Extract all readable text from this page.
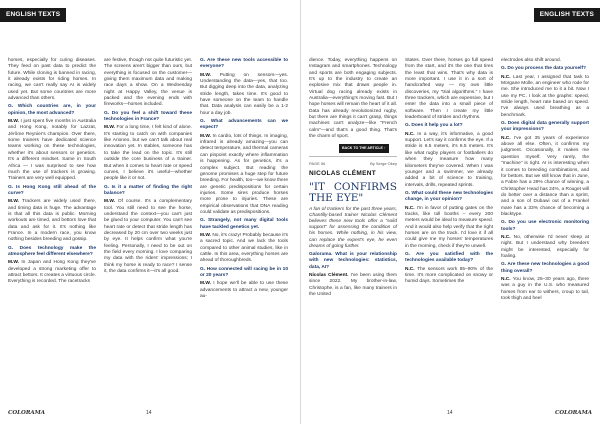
ENGLISH TEXTS

horses, especially for curing diseases. They feed on past data to predict the future. While cloning is banned in racing, it already exists for riding horses. In racing, we can't really say AI is widely used yet. But some countries are more advanced than others.

G. Which countries are, in your opinion, the most advanced?

M.W. I just spent five months in Australia and Hong Kong, notably for Lazzat, Jérôme Reynier's champion. Over there, some trainers have dedicated science teams working on these technologies, whether it's about sensors or genetics. It's a different mindset. Same in South Africa — I was surprised to see how much the use of trackers is growing. Trainers are very well equipped.

G. Is Hong Kong still ahead of the curve?

M.W. Trackers are widely used there, and timing data is huge. The advantage is that all this data is public. Morning workouts are timed, and bettors love that data and ask for it. It's nothing like France. In a modern race, you know nothing besides breeding and gossip.

G. Does technology make the atmosphere feel different elsewhere?

M.W. In Japan and Hong Kong they've developed a strong marketing offer to attract bettors. It creates a virtuous circle. Everything is recorded. The racetracks

are festive, though not quite futuristic yet. The screens aren't bigger than ours, but everything is focused on the customer—giving them maximum data and making race days a show. On a Wednesday night at Happy Valley, the venue is packed and the evening ends with fireworks—horses included.

G. Do you feel a shift toward these technologies in France?

M.W. For a long time, I felt kind of alone. It's starting to catch on with companies like Arioneo, but we can't talk about real innovation yet. In stables, someone has to take the lead on the topic. It's still outside the core business of a trainer. But when it comes to heart rate or speed curves, I believe it's useful—whether people like it or not.

G. Is it a matter of finding the right balance?

M.W. Of course. It's a complementary tool. You still need to see the horse, understand the context—you can't just be glued to your computer. You can't see heart rate or detect that stride length has decreased by 20 cm over two weeks just by eye. It helps confirm what you're feeling. Personally, I need to be out on the field every morning. I love comparing my data with the riders' impressions; I think my horse is ready to race? I sense it, the data confirms it—it's all good.

G. Are these new tools accessible to everyone?

M.W. Putting on sensors—yes. Understanding the data—yes, that too. But digging deep into the data, analyzing stride length, takes time. It's good to have someone on the team to handle that. Data analysis can easily be a 1-2 hour a day job.

G. What advancements can we expect?

M.W. In cardio, lots of things. In imaging, infrared is already amazing—you can detect temperature, and thermal cameras can pinpoint exactly where inflammation is happening. As for genetics, it's a complex subject. But reading the genome promises a huge step for future breeding. For health, too—we know there are genetic predispositions for certain injuries. Some sires produce horses more prone to injuries. These are empirical observations that DNA reading could validate as predispositions.

G. Strangely, not many digital tools have tackled genetics yet.

M.W. No, it's crazy! Probably because it's a sacred topic. And we lack the tools compared to other animal studies, like in cattle. In this area, everything horses are ahead of thoroughbreds.

G. How connected will racing be in 10 or 20 years?

M.W. I hope we'll be able to use these advancements to attract a new, younger au-

COLORAMA	14
ENGLISH TEXTS

dience. Today, everything happens on Instagram and smartphones. Technology and sports are both engaging subjects. It's up to the industry to create an explosive mix that draws people in. Virtual dog racing already exists in Australia—everything's moving fast. But I hope horses will remain the heart of it all. Data has already revolutionized rugby, but there are things it can't grasp, things machines can't analyze—like "French calm"—and that's a good thing. That's the charm of sport.

BACK TO THE ARTICLE ↑
PAGE 56	By Serge Okey
NICOLAS CLÉMENT
"IT CONFIRMS THE EYE"

A fan of trackers for the past three years, Chantilly-based trainer Nicolas Clément believes these new tools offer a "solid support" for assessing the condition of his horses. While nothing, in his view, can replace the expert's eye, he even dreams of going further.

Galorama. What is your relationship with new technologies: statistics, data, AI?

Nicolas Clément. I've been using them since 2022. My brother-in-law, Christophe, is a fan, like many trainers in the United

States. Over there, horses go full speed from the start, and it's the one that tires the least that wins. That's why data is more important. I use it in a sort of handcrafted way — my own little discoveries, my "trial algorithms." I have three trackers, which are expensive, but I enter the data into a small piece of software. Then I create my little leaderboard of strides and rhythms.

G. Does it help you a lot?

N.C. In a way, it's informative, a good support. Let's say it confirms the eye. If a stride is 6.5 meters, it's 6.5 meters. It's like what rugby players or footballers do when they measure how many kilometers they've covered. When I was younger and a swimmer, we already added a bit of science to training, intervals, drills, repeated sprints.

G. What could these new technologies change, in your opinion?

N.C. I'm in favor of putting gates on the tracks, like toll booths – every 200 meters would be ideal to measure speed. And it would also help verify that the right horses are on the track. I'd love it if all could give me my horses' temperatures in the morning, check if they're unwell.

G. Are you satisfied with the technologies available today?

N.C. The sensors work 85–90% of the time. It's more complicated on snowy or humid days. Sometimes the

electrodes also shift around.

G. Do you process the data yourself?

N.C. Last year, I assigned that task to Morgane Molle, an engineer who rode for me. She introduced me to it a bit. Now I use my PC. I look at the graphs: speed, stride length, heart rate based on speed. I've always used breathing as a benchmark.

G. Does digital data generally support your impressions?

N.C. I've got 35 years of experience above all else. Often, it confirms my judgment. Occasionally, it makes me question myself. Very rarely, the "machine" is right. AI is interesting when it comes to breeding combinations, and for bettors. But we still know that in June, a Fabre has a 29% chance of winning, a Christopher Head has 24%, a Rouget will do better over a distance than a sprint, and a son of Dubawi out of a Frankel mare has a 33% chance of becoming a blacktype.

G. Do you use electronic monitoring tools?

N.C. No, otherwise I'd never sleep at night. But I understand why breeders might be interested, especially for foaling.

G. Are these new technologies a good thing overall?

N.C. You know, 25–30 years ago, there was a guy in the U.S. who measured horses from ear to withers, croup to tail, took thigh and heel

14	COLORAMA
